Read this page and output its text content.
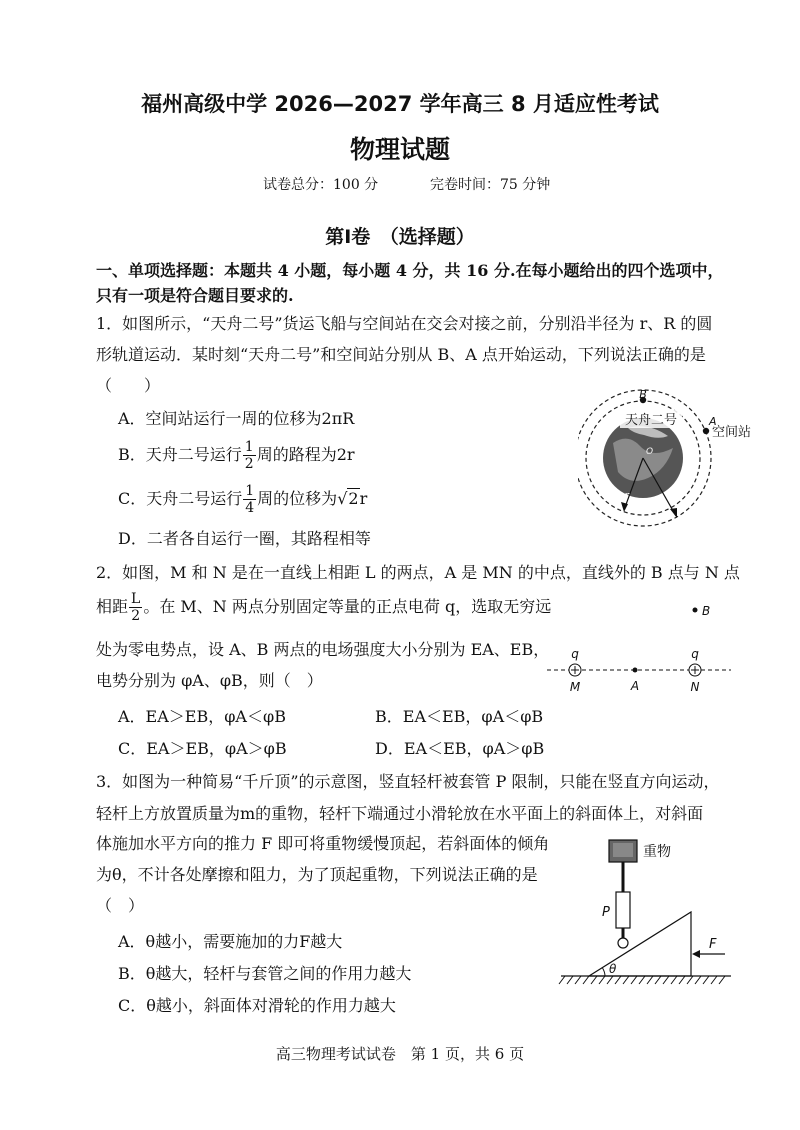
福州高级中学 2026—2027 学年高三 8 月适应性考试
物理试题
试卷总分：100 分	完卷时间：75 分钟
第Ⅰ卷　（选择题）
一、单项选择题：本题共 4 小题，每小题 4 分，共 16 分.在每小题给出的四个选项中，
只有一项是符合题目要求的.
1．如图所示，“天舟二号”货运飞船与空间站在交会对接之前，分别沿半径为 r、R 的圆
形轨道运动．某时刻“天舟二号”和空间站分别从 B、A 点开始运动，下列说法正确的是
（　　）
A．空间站运行一周的位移为2πR
B．天舟二号运行 $\frac{1}{2}$ 周的路程为2r
C．天舟二号运行 $\frac{1}{4}$ 周的位移为√2r
D．二者各自运行一圈，其路程相等
天舟二号
B
A
空间站
O
r	R
2．如图，M 和 N 是在一直线上相距 L 的两点，A 是 MN 的中点，直线外的 B 点与 N 点
相距 $\frac{L}{2}$ 。在 M、N 两点分别固定等量的正点电荷 q，选取无穷远
处为零电势点，设 A、B 两点的电场强度大小分别为 EA、EB，
电势分别为 φA、φB，则（　）
A．EA＞EB，φA＜φB	B．EA＜EB，φA＜φB
C．EA＞EB，φA＞φB	D．EA＜EB，φA＞φB
B
q	q
M	A	N
3．如图为一种简易“千斤顶”的示意图，竖直轻杆被套管 P 限制，只能在竖直方向运动，
轻杆上方放置质量为m的重物，轻杆下端通过小滑轮放在水平面上的斜面体上，对斜面
体施加水平方向的推力 F 即可将重物缓慢顶起，若斜面体的倾角
为θ，不计各处摩擦和阻力，为了顶起重物，下列说法正确的是
（　）
A．θ越小，需要施加的力F越大
B．θ越大，轻杆与套管之间的作用力越大
C．θ越小，斜面体对滑轮的作用力越大
重物
P
θ
F
高三物理考试试卷　第 1 页，共 6 页
